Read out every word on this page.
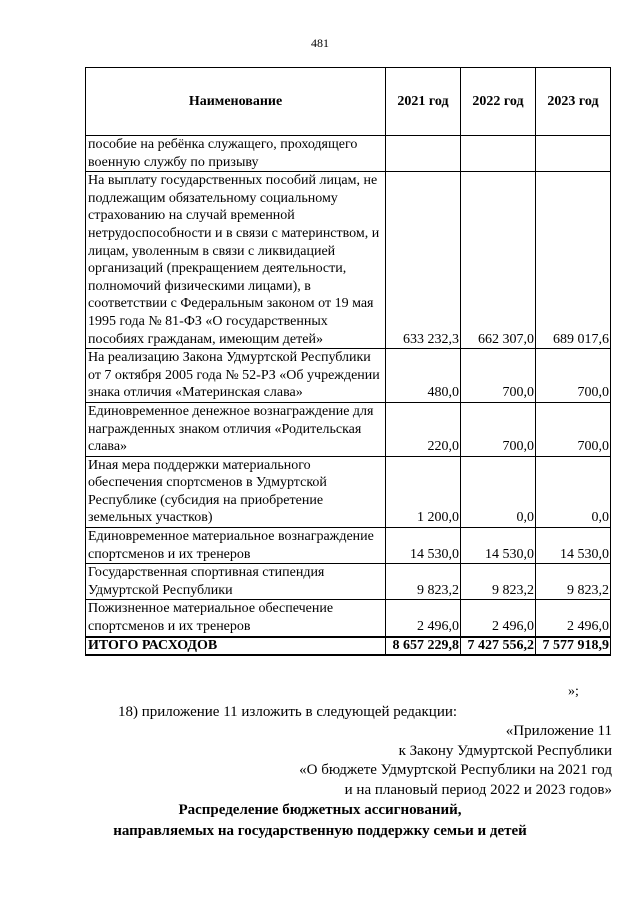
481
Наименование	2021 год	2022 год	2023 год
пособие на ребёнка служащего, проходящего военную службу по призыву			
На выплату государственных пособий лицам, не подлежащим обязательному социальному страхованию на случай временной нетрудоспособности и в связи с материнством, и лицам, уволенным в связи с ликвидацией организаций (прекращением деятельности, полномочий физическими лицами), в соответствии с Федеральным законом от 19 мая 1995 года № 81-ФЗ «О государственных пособиях гражданам, имеющим детей»	633 232,3	662 307,0	689 017,6
На реализацию Закона Удмуртской Республики от 7 октября 2005 года № 52-РЗ «Об учреждении знака отличия «Материнская слава»	480,0	700,0	700,0
Единовременное денежное вознаграждение для награжденных знаком отличия «Родительская слава»	220,0	700,0	700,0
Иная мера поддержки материального обеспечения спортсменов в Удмуртской Республике (субсидия на приобретение земельных участков)	1 200,0	0,0	0,0
Единовременное материальное вознаграждение спортсменов и их тренеров	14 530,0	14 530,0	14 530,0
Государственная спортивная стипендия Удмуртской Республики	9 823,2	9 823,2	9 823,2
Пожизненное материальное обеспечение спортсменов и их тренеров	2 496,0	2 496,0	2 496,0
ИТОГО РАСХОДОВ	8 657 229,8	7 427 556,2	7 577 918,9
»;
18) приложение 11 изложить в следующей редакции:
«Приложение 11
к Закону Удмуртской Республики
«О бюджете Удмуртской Республики на 2021 год
и на плановый период 2022 и 2023 годов»
Распределение бюджетных ассигнований,
направляемых на государственную поддержку семьи и детей
